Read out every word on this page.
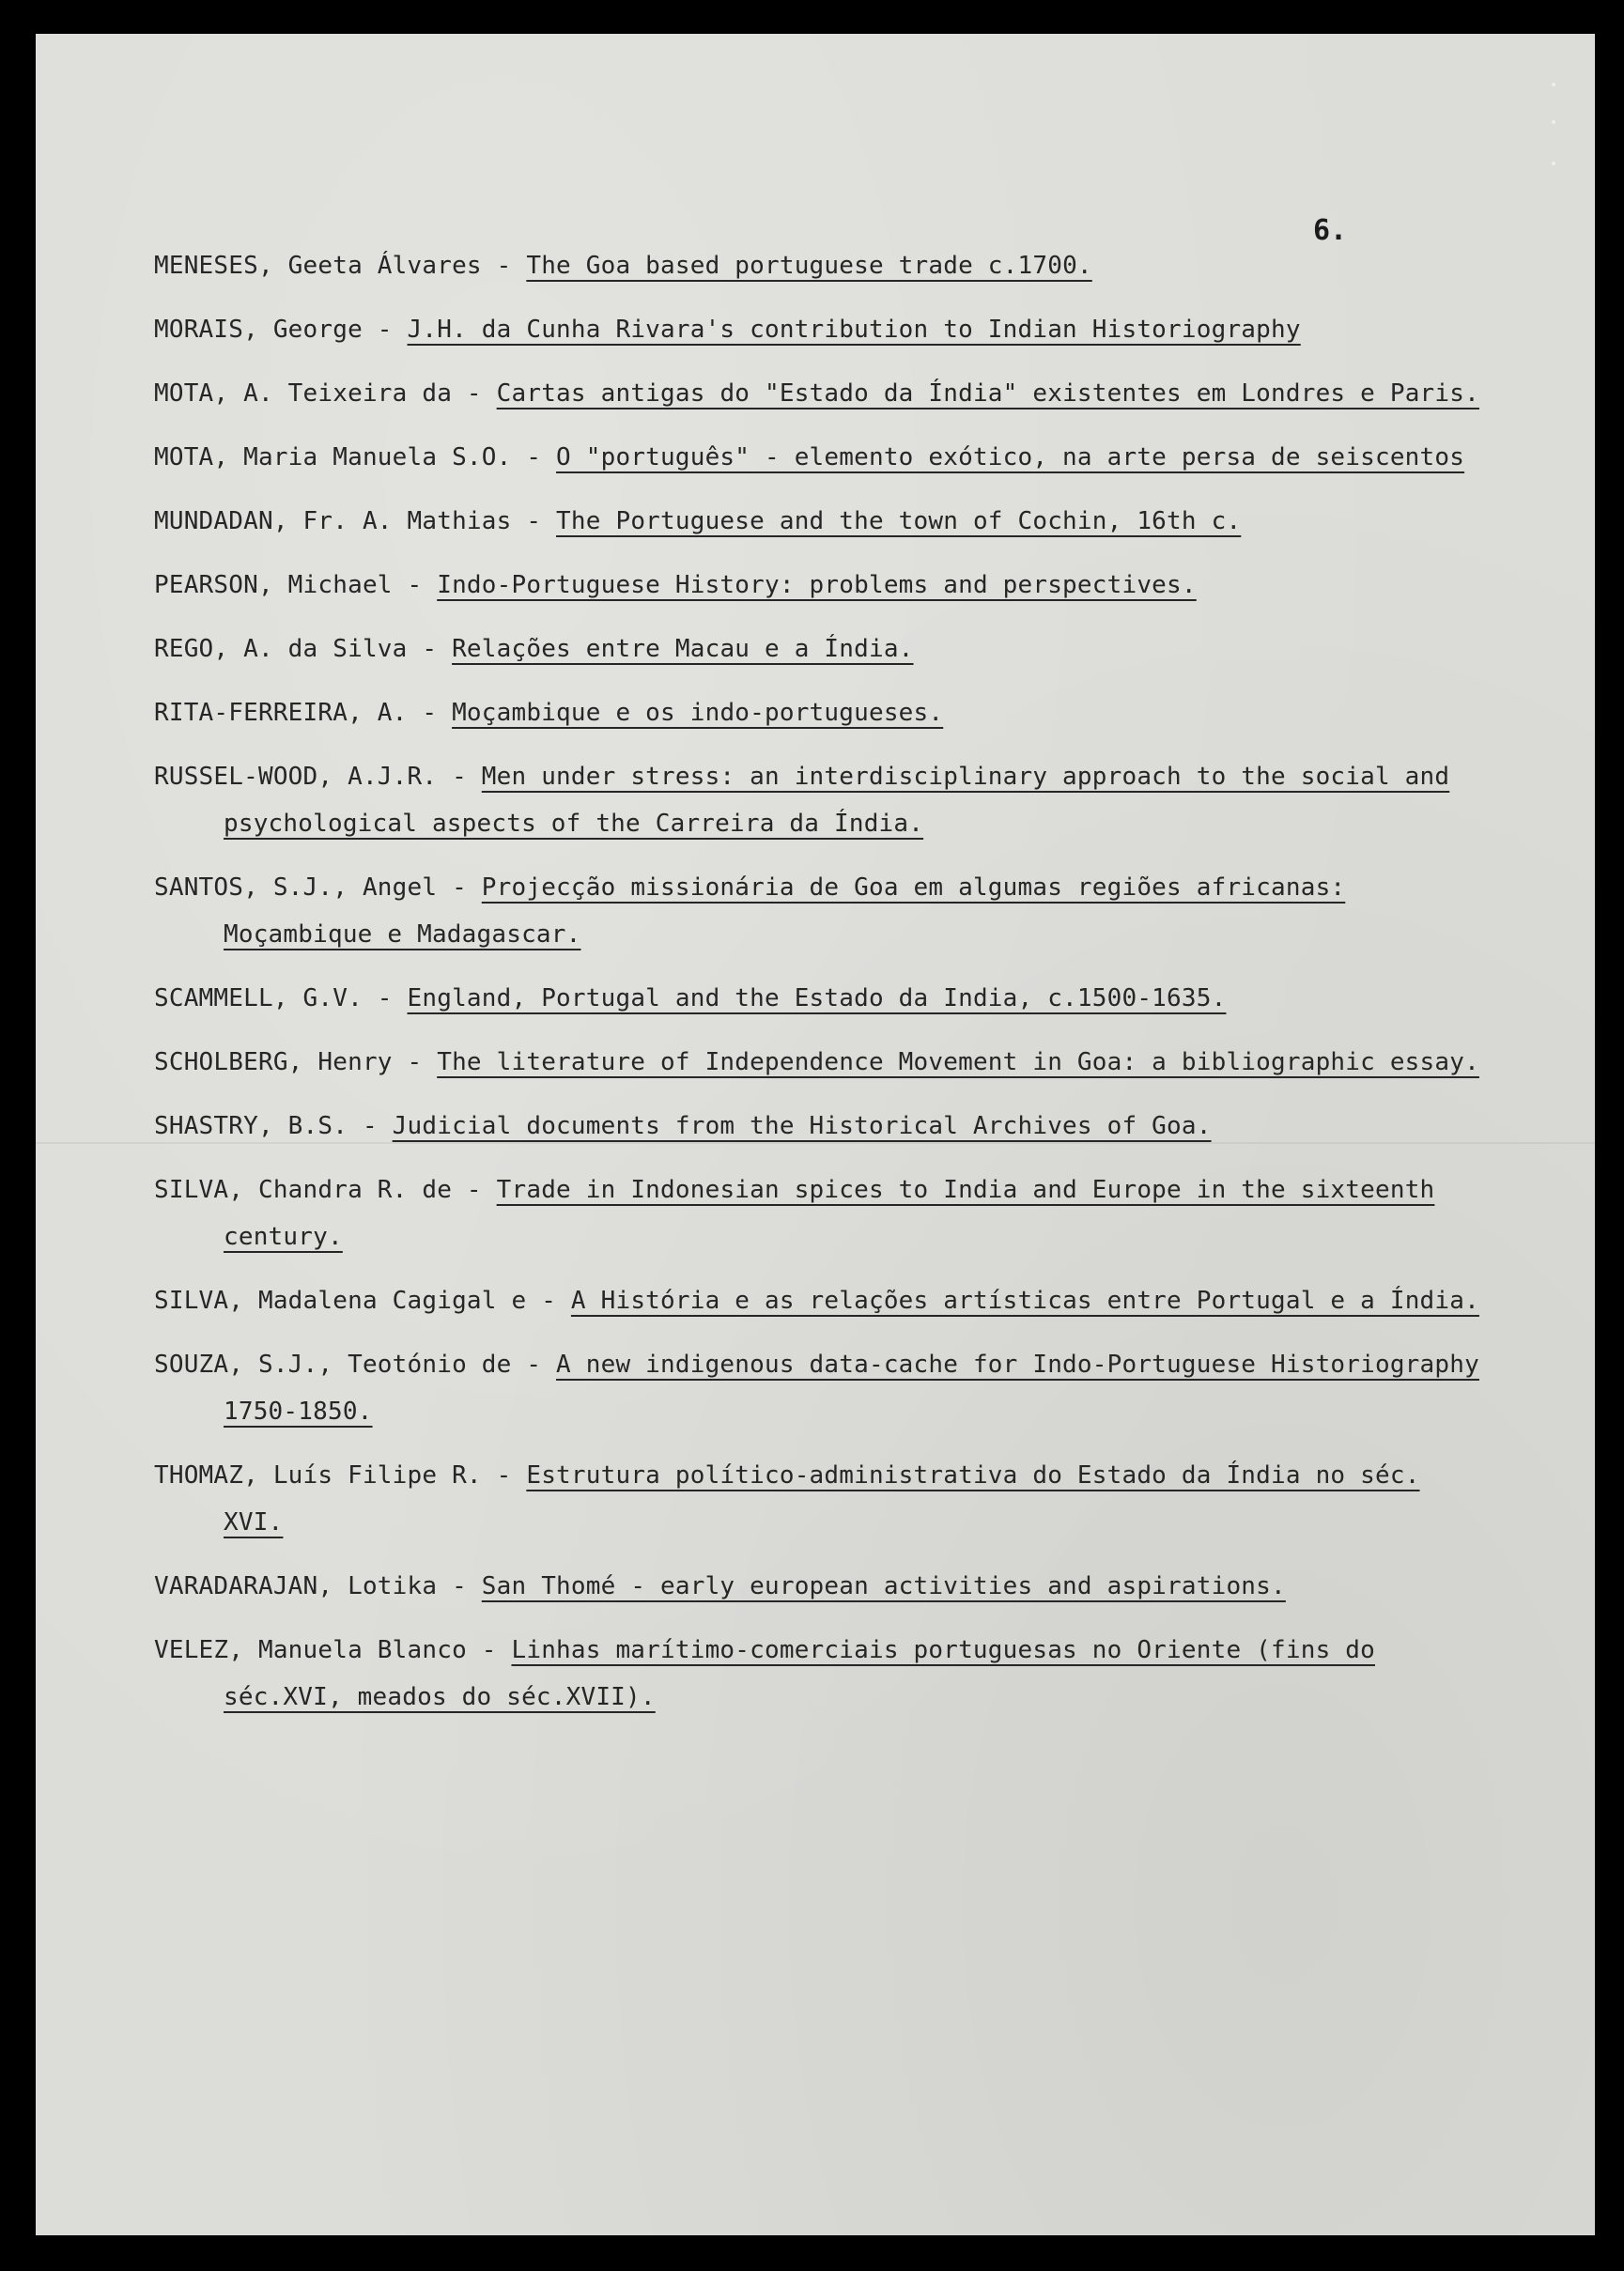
6.
MENESES, Geeta Álvares - The Goa based portuguese trade c.1700.
MORAIS, George - J.H. da Cunha Rivara's contribution to Indian Historiography
MOTA, A. Teixeira da - Cartas antigas do "Estado da Índia" existentes em Londres e Paris.
MOTA, Maria Manuela S.O. - O "português" - elemento exótico, na arte persa de seiscentos
MUNDADAN, Fr. A. Mathias - The Portuguese and the town of Cochin, 16th c.
PEARSON, Michael - Indo-Portuguese History: problems and perspectives.
REGO, A. da Silva - Relações entre Macau e a Índia.
RITA-FERREIRA, A. - Moçambique e os indo-portugueses.
RUSSEL-WOOD, A.J.R. - Men under stress: an interdisciplinary approach to the social and psychological aspects of the Carreira da Índia.
SANTOS, S.J., Angel - Projecção missionária de Goa em algumas regiões africanas: Moçambique e Madagascar.
SCAMMELL, G.V. - England, Portugal and the Estado da India, c.1500-1635.
SCHOLBERG, Henry - The literature of Independence Movement in Goa: a bibliographic essay.
SHASTRY, B.S. - Judicial documents from the Historical Archives of Goa.
SILVA, Chandra R. de - Trade in Indonesian spices to India and Europe in the sixteenth century.
SILVA, Madalena Cagigal e - A História e as relações artísticas entre Portugal e a Índia.
SOUZA, S.J., Teotónio de - A new indigenous data-cache for Indo-Portuguese Historiography 1750-1850.
THOMAZ, Luís Filipe R. - Estrutura político-administrativa do Estado da Índia no séc. XVI.
VARADARAJAN, Lotika - San Thomé - early european activities and aspirations.
VELEZ, Manuela Blanco - Linhas marítimo-comerciais portuguesas no Oriente (fins do séc.XVI, meados do séc.XVII).
